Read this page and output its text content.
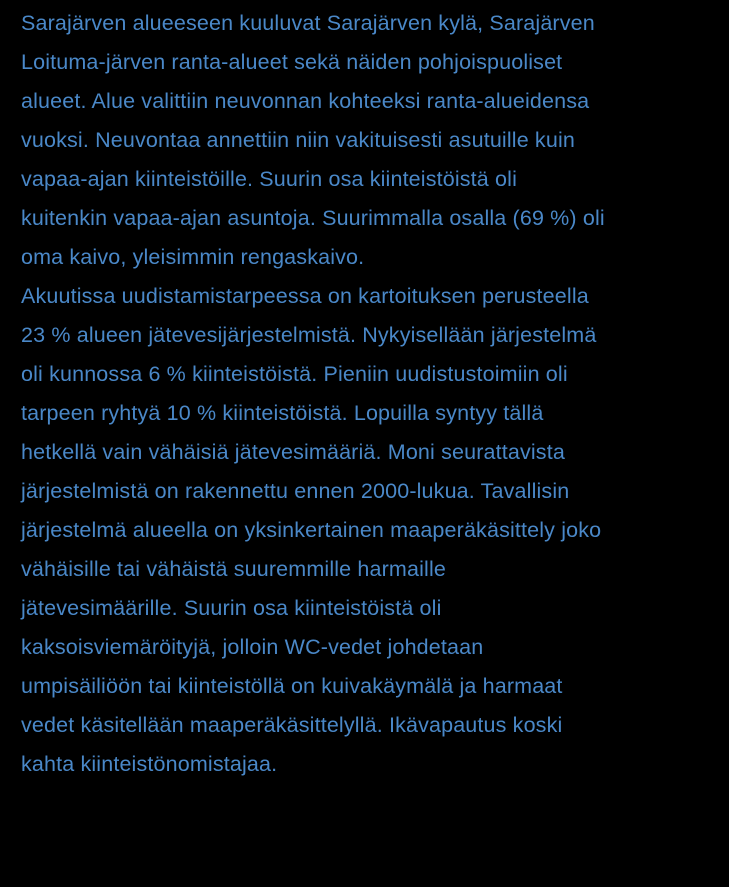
Sarajärven alueeseen kuuluvat Sarajärven kylä, Sarajärven
Loituma-järven ranta-alueet sekä näiden pohjoispuoliset
alueet. Alue valittiin neuvonnan kohteeksi ranta-alueidensa
vuoksi. Neuvontaa annettiin niin vakituisesti asutuille kuin
vapaa-ajan kiinteistöille. Suurin osa kiinteistöistä oli
kuitenkin vapaa-ajan asuntoja. Suurimmalla osalla (69 %) oli
oma kaivo, yleisimmin rengaskaivo.
Akuutissa uudistamistarpeessa on kartoituksen perusteella
23 % alueen jätevesijärjestelmistä. Nykyisellään järjestelmä
oli kunnossa 6 % kiinteistöistä. Pieniin uudistustoimiin oli
tarpeen ryhtyä 10 % kiinteistöistä. Lopuilla syntyy tällä
hetkellä vain vähäisiä jätevesimääriä. Moni seurattavista
järjestelmistä on rakennettu ennen 2000-lukua. Tavallisin
järjestelmä alueella on yksinkertainen maaperäkäsittely joko
vähäisille tai vähäistä suuremmille harmaille
jätevesimäärille. Suurin osa kiinteistöistä oli
kaksoisviemäröityjä, jolloin WC-vedet johdetaan
umpisäiliöön tai kiinteistöllä on kuivakäymälä ja harmaat
vedet käsitellään maaperäkäsittelyllä. Ikävapautus koski
kahta kiinteistönomistajaa.
